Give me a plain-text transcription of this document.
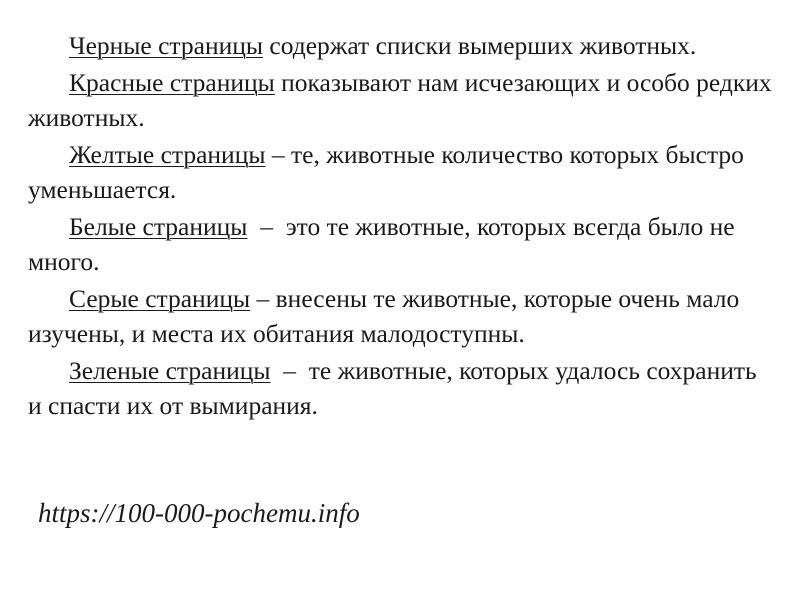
Черные страницы содержат списки вымерших животных.

Красные страницы показывают нам исчезающих и особо редких животных.

Желтые страницы – те, животные количество которых быстро уменьшается.

Белые страницы  –  это те животные, которых всегда было не много.

Серые страницы – внесены те животные, которые очень мало изучены, и места их обитания малодоступны.

Зеленые страницы  –  те животные, которых удалось сохранить и спасти их от вымирания.

https://100-000-pochemu.info
